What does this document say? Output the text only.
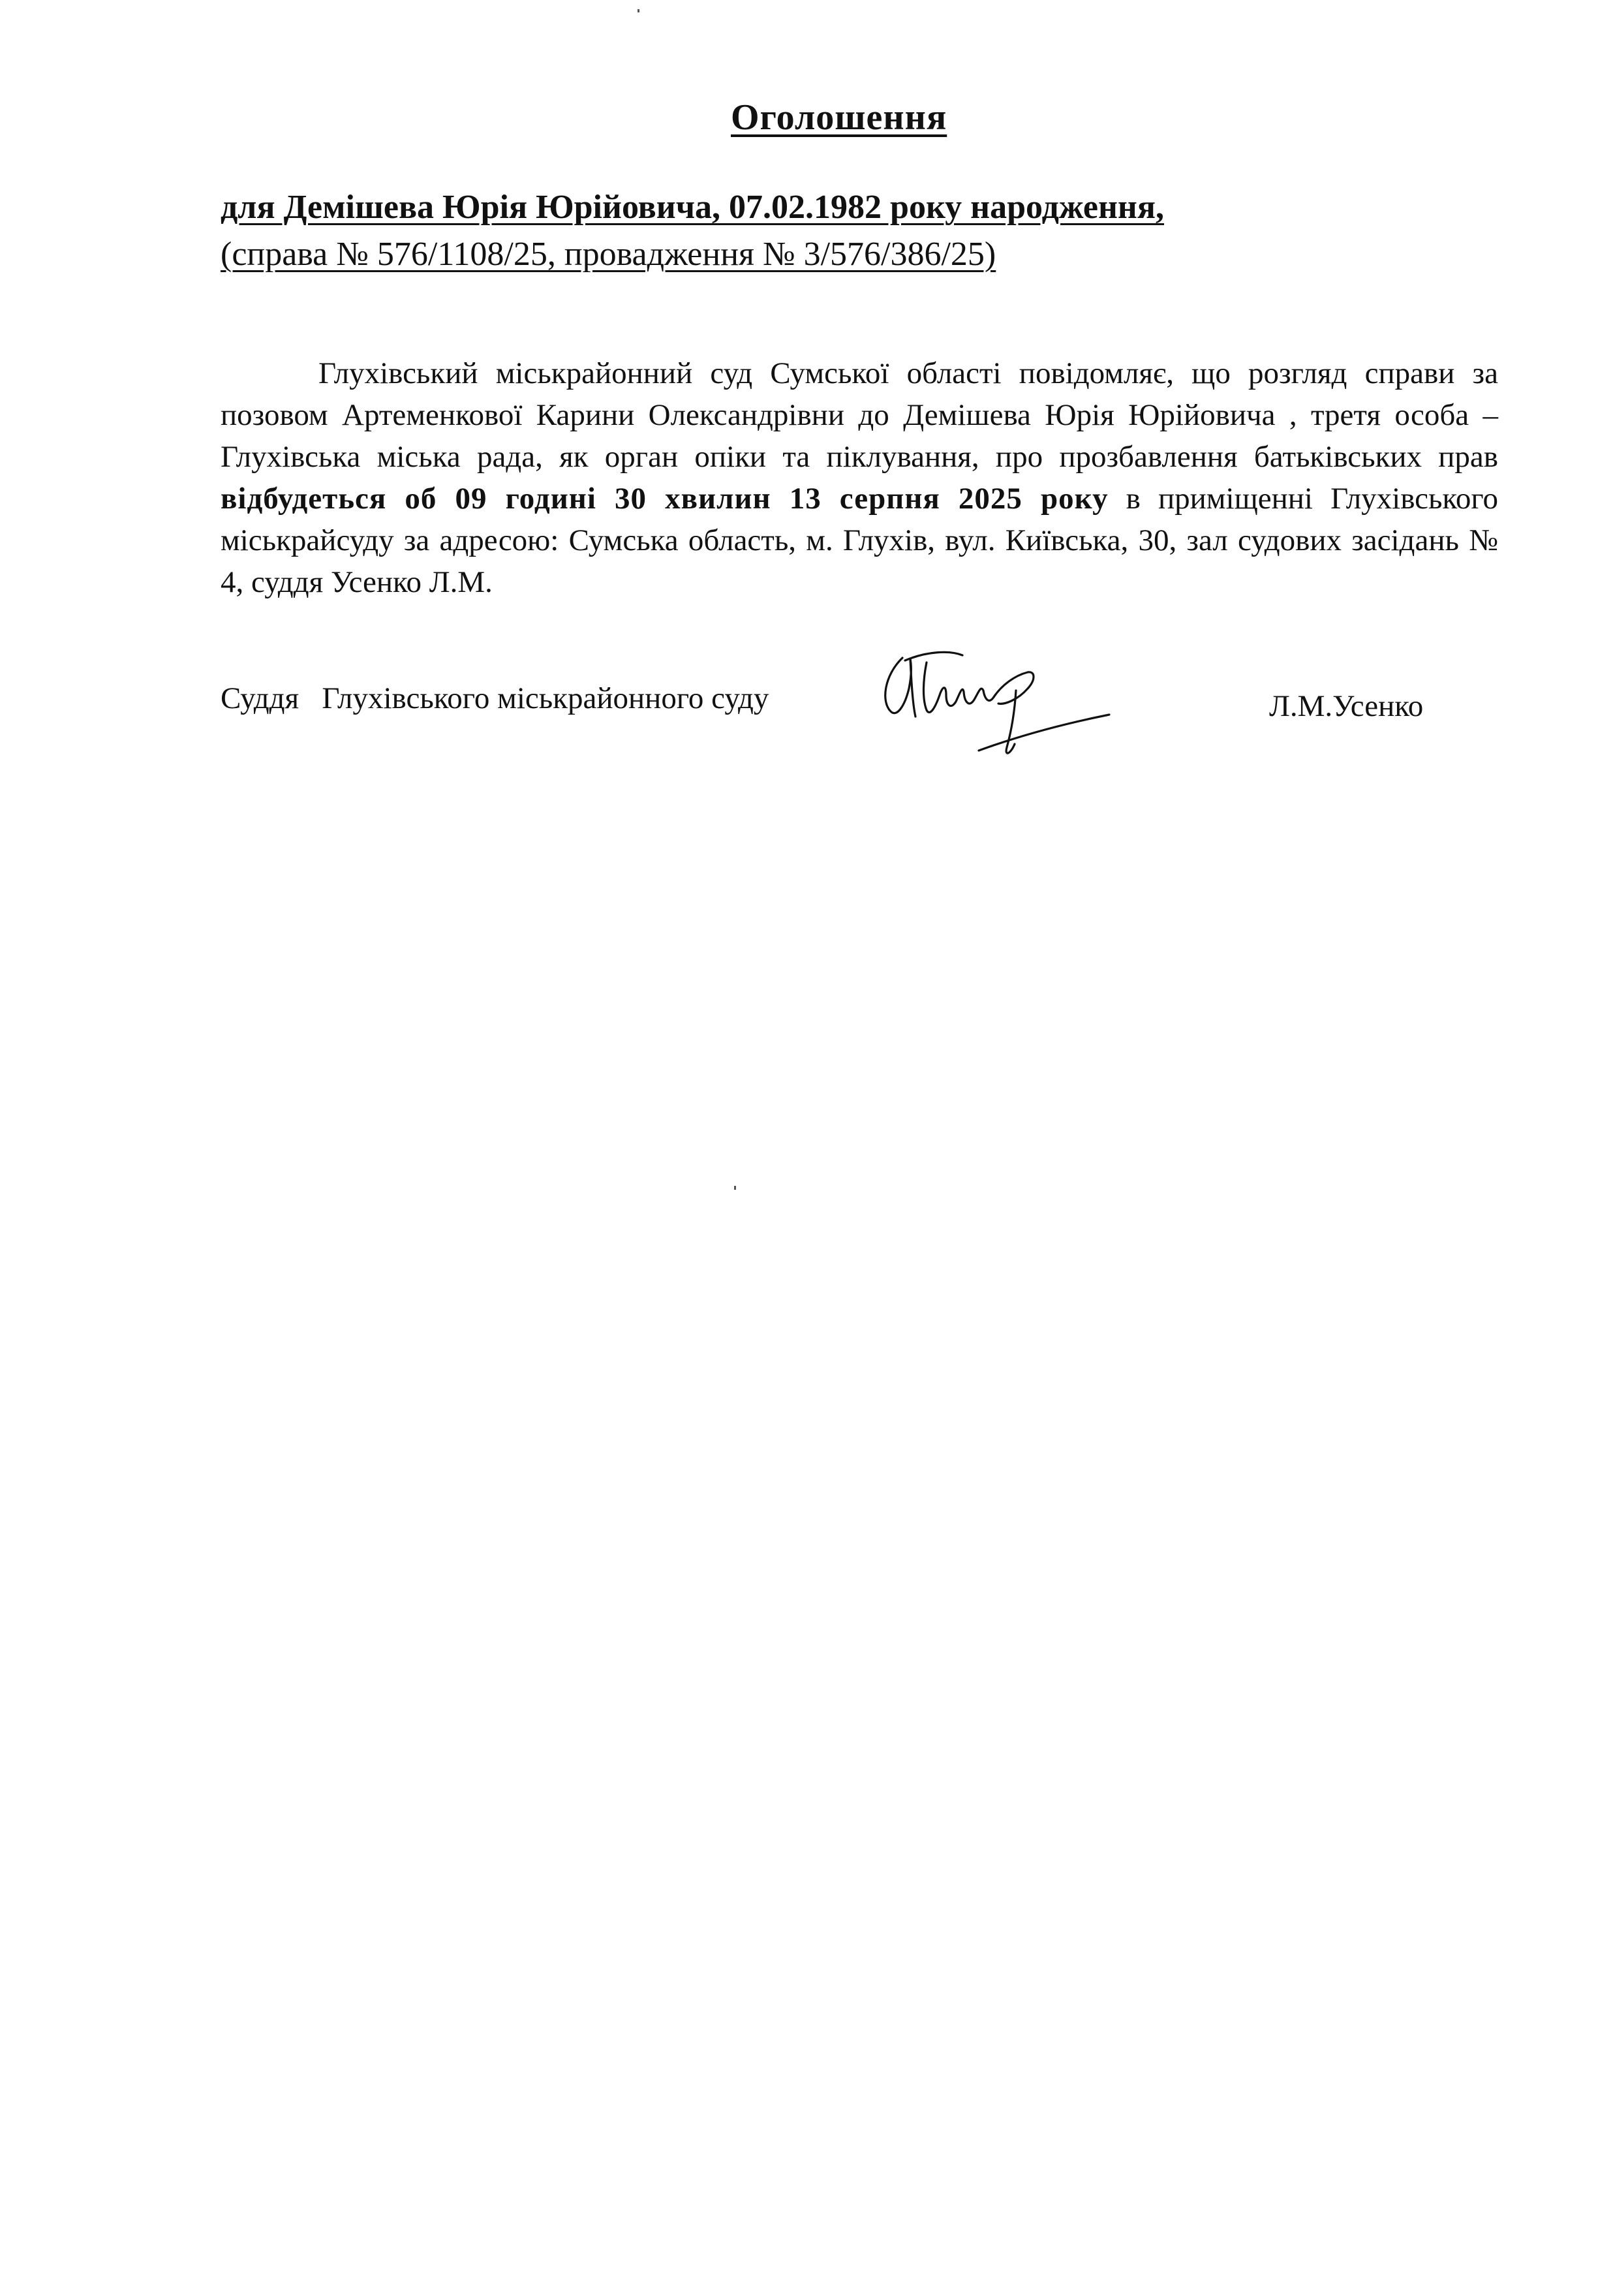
Оголошення
для Демішева Юрія Юрійовича, 07.02.1982 року народження,
(справа № 576/1108/25, провадження № 3/576/386/25)
Глухівський міськрайонний суд Сумської області повідомляє, що розгляд справи за позовом Артеменкової Карини Олександрівни до Демішева Юрія Юрійовича , третя особа – Глухівська міська рада, як орган опіки та піклування, про прозбавлення батьківських прав відбудеться об 09 годині 30 хвилин 13 серпня 2025 року в приміщенні Глухівського міськрайсуду за адресою: Сумська область, м. Глухів, вул. Київська, 30, зал судових засідань № 4, суддя Усенко Л.М.
Суддя   Глухівського міськрайонного суду	Л.М.Усенко
